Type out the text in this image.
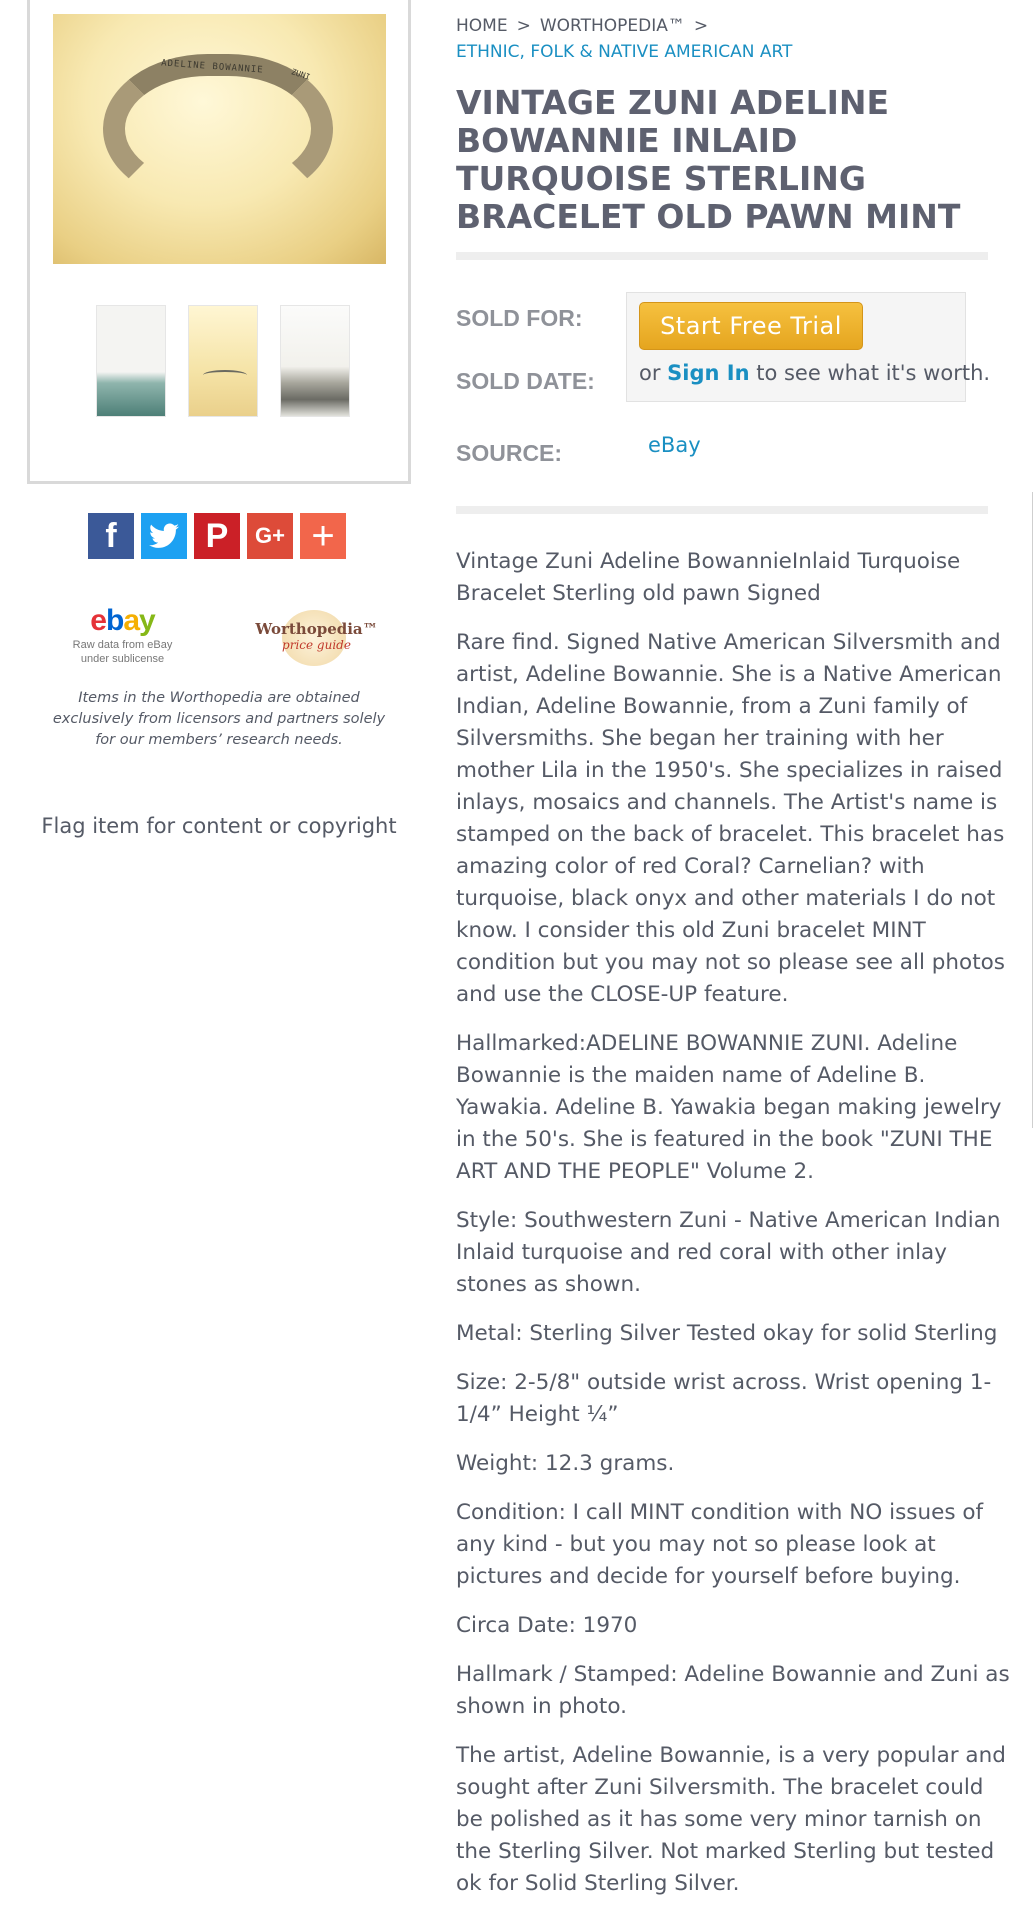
ADELINE BOWANNIE	ZUNI
f	P G+ +
ebay
Raw data from eBay under sublicense
Worthopedia™
price guide
Items in the Worthopedia are obtained exclusively from licensors and partners solely for our members’ research needs.
Flag item for content or copyright
HOME > WORTHOPEDIA™ >
ETHNIC, FOLK & NATIVE AMERICAN ART
VINTAGE ZUNI ADELINE BOWANNIE INLAID TURQUOISE STERLING BRACELET OLD PAWN MINT
SOLD FOR:
SOLD DATE:
Start Free Trial
or Sign In to see what it's worth.
SOURCE:	eBay

Vintage Zuni Adeline BowannieInlaid Turquoise Bracelet Sterling old pawn Signed

Rare find. Signed Native American Silversmith and artist, Adeline Bowannie. She is a Native American Indian, Adeline Bowannie, from a Zuni family of Silversmiths. She began her training with her mother Lila in the 1950's. She specializes in raised inlays, mosaics and channels. The Artist's name is stamped on the back of bracelet. This bracelet has amazing color of red Coral? Carnelian? with turquoise, black onyx and other materials I do not know. I consider this old Zuni bracelet MINT condition but you may not so please see all photos and use the CLOSE-UP feature.

Hallmarked:ADELINE BOWANNIE ZUNI. Adeline Bowannie is the maiden name of Adeline B. Yawakia. Adeline B. Yawakia began making jewelry in the 50's. She is featured in the book "ZUNI THE ART AND THE PEOPLE" Volume 2.

Style: Southwestern Zuni - Native American Indian Inlaid turquoise and red coral with other inlay stones as shown.

Metal: Sterling Silver Tested okay for solid Sterling

Size: 2-5/8" outside wrist across. Wrist opening 1-1/4” Height ¼”

Weight: 12.3 grams.

Condition: I call MINT condition with NO issues of any kind - but you may not so please look at pictures and decide for yourself before buying.

Circa Date: 1970

Hallmark / Stamped: Adeline Bowannie and Zuni as shown in photo.

The artist, Adeline Bowannie, is a very popular and sought after Zuni Silversmith. The bracelet could be polished as it has some very minor tarnish on the Sterling Silver. Not marked Sterling but tested ok for Solid Sterling Silver.
